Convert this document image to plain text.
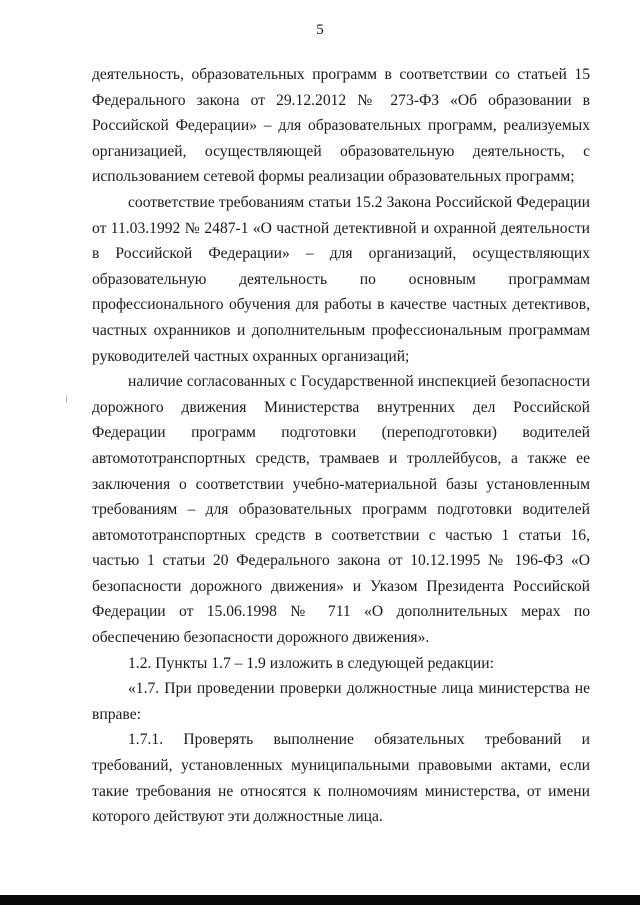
5

деятельность, образовательных программ в соответствии со статьей 15 Федерального закона от 29.12.2012 № 273-ФЗ «Об образовании в Российской Федерации» – для образовательных программ, реализуемых организацией, осуществляющей образовательную деятельность, с использованием сетевой формы реализации образовательных программ;

соответствие требованиям статьи 15.2 Закона Российской Федерации от 11.03.1992 № 2487-1 «О частной детективной и охранной деятельности в Российской Федерации» – для организаций, осуществляющих образовательную деятельность по основным программам профессионального обучения для работы в качестве частных детективов, частных охранников и дополнительным профессиональным программам руководителей частных охранных организаций;

наличие согласованных с Государственной инспекцией безопасности дорожного движения Министерства внутренних дел Российской Федерации программ подготовки (переподготовки) водителей автомототранспортных средств, трамваев и троллейбусов, а также ее заключения о соответствии учебно-материальной базы установленным требованиям – для образовательных программ подготовки водителей автомототранспортных средств в соответствии с частью 1 статьи 16, частью 1 статьи 20 Федерального закона от 10.12.1995 № 196-ФЗ «О безопасности дорожного движения» и Указом Президента Российской Федерации от 15.06.1998 № 711 «О дополнительных мерах по обеспечению безопасности дорожного движения».

1.2. Пункты 1.7 – 1.9 изложить в следующей редакции:

«1.7. При проведении проверки должностные лица министерства не вправе:

1.7.1. Проверять выполнение обязательных требований и требований, установленных муниципальными правовыми актами, если такие требования не относятся к полномочиям министерства, от имени которого действуют эти должностные лица.
